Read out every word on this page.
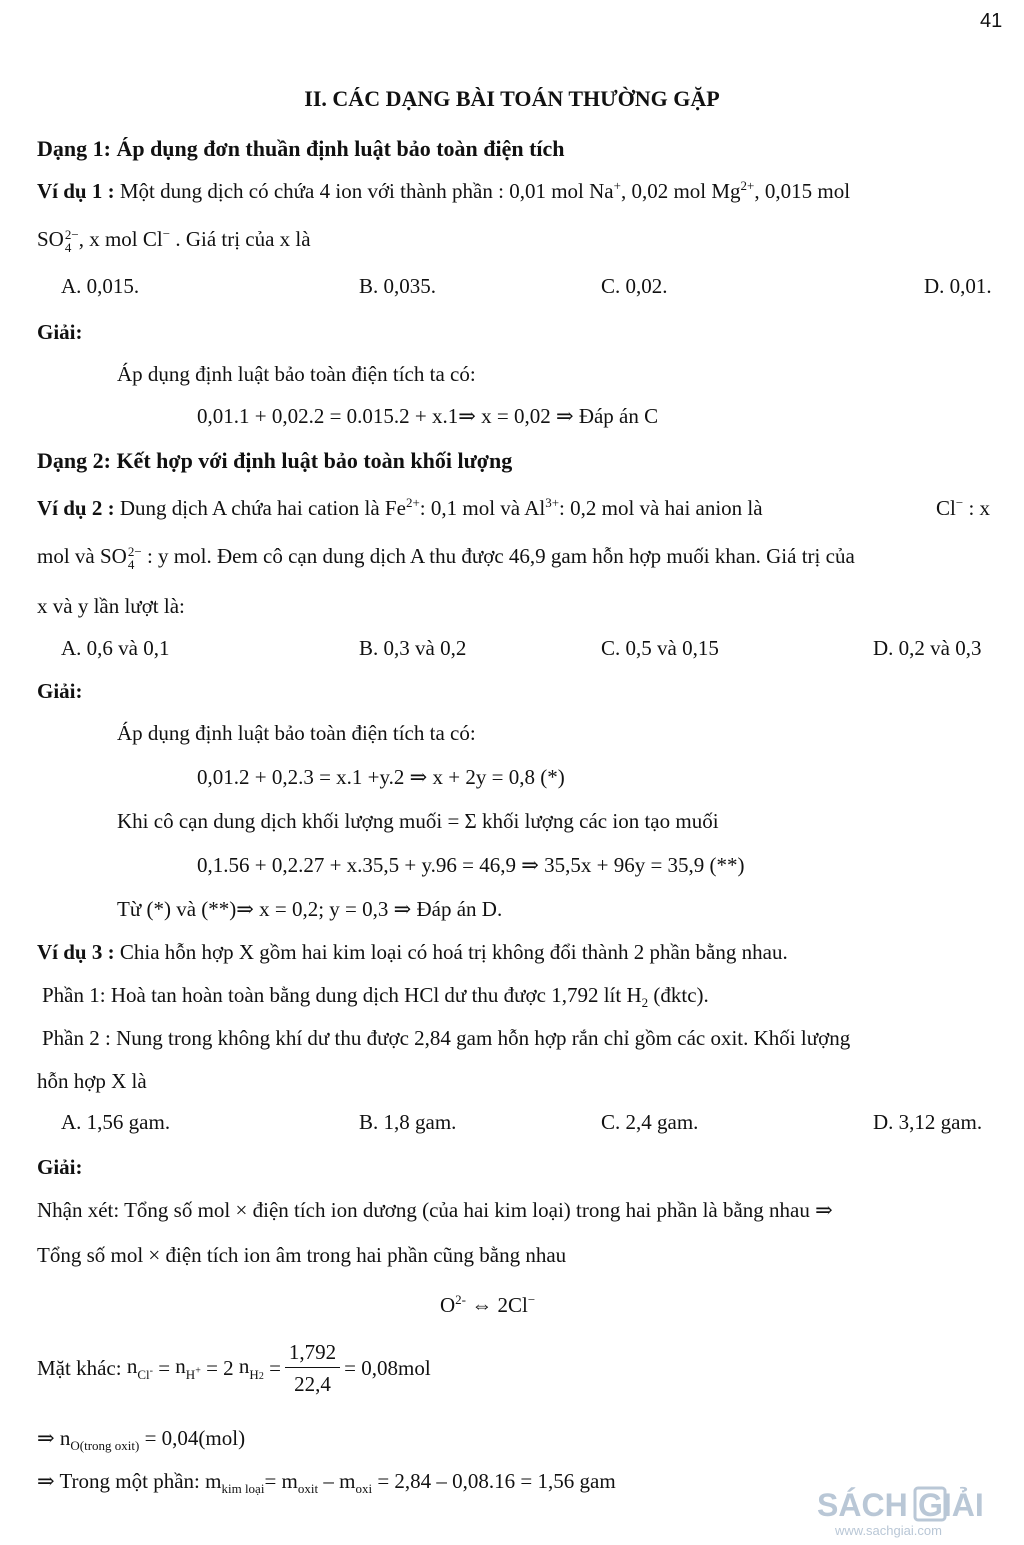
41
II. CÁC DẠNG BÀI TOÁN THƯỜNG GẶP
Dạng 1: Áp dụng đơn thuần định luật bảo toàn điện tích
Ví dụ 1 : Một dung dịch có chứa 4 ion với thành phần : 0,01 mol Na+, 0,02 mol $Mg^{2+}$, 0,015 mol
SO 2−
4 , x mol Cl− . Giá trị của x là
A. 0,015.	B. 0,035.	C. 0,02.	D. 0,01.
Giải:
Áp dụng định luật bảo toàn điện tích ta có:
0,01.1 + 0,02.2 = 0.015.2 + x.1⇒ x = 0,02 ⇒ Đáp án C
Dạng 2: Kết hợp với định luật bảo toàn khối lượng
Ví dụ 2 : Dung dịch A chứa hai cation là $Fe^{2+}$: 0,1 mol và $Al^{3+}$: 0,2 mol và hai anion là	Cl− : x
mol và SO 2−
4 : y mol. Đem cô cạn dung dịch A thu được 46,9 gam hỗn hợp muối khan. Giá trị của
x và y lần lượt là:
A. 0,6 và 0,1	B. 0,3 và 0,2	C. 0,5 và 0,15	D. 0,2 và 0,3
Giải:
Áp dụng định luật bảo toàn điện tích ta có:
0,01.2 + 0,2.3 = x.1 +y.2 ⇒ x + 2y = 0,8 (*)
Khi cô cạn dung dịch khối lượng muối = Σ khối lượng các ion tạo muối
0,1.56 + 0,2.27 + x.35,5 + y.96 = 46,9 ⇒ 35,5x + 96y = 35,9 (**)
Từ (*) và (**)⇒ x = 0,2; y = 0,3 ⇒ Đáp án D.
Ví dụ 3 : Chia hỗn hợp X gồm hai kim loại có hoá trị không đổi thành 2 phần bằng nhau.
Phần 1: Hoà tan hoàn toàn bằng dung dịch HCl dư thu được 1,792 lít $H_2$ (đktc).
Phần 2 : Nung trong không khí dư thu được 2,84 gam hỗn hợp rắn chỉ gồm các oxit. Khối lượng
hỗn hợp X là
A. 1,56 gam.	B. 1,8 gam.	C. 2,4 gam.	D. 3,12 gam.
Giải:
Nhận xét: Tổng số mol × điện tích ion dương (của hai kim loại) trong hai phần là bằng nhau ⇒
Tổng số mol × điện tích ion âm trong hai phần cũng bằng nhau
$O^{2-}$ ⇔ 2Cl−
Mặt khác:
$n_{Cl^-} = n_{H^+} = 2$ $n_{H2} = \frac{1,792}{22,4} = 0,08mol$
⇒ $n_{O(trong oxit)} = 0,04(mol)$
⇒ Trong một phần: $m_{kim loại}= m_{oxit} - m_{oxi} = 2,84 - 0,08.16 = 1,56$ gam
SÁCH GIẢI
www.sachgiai.com
